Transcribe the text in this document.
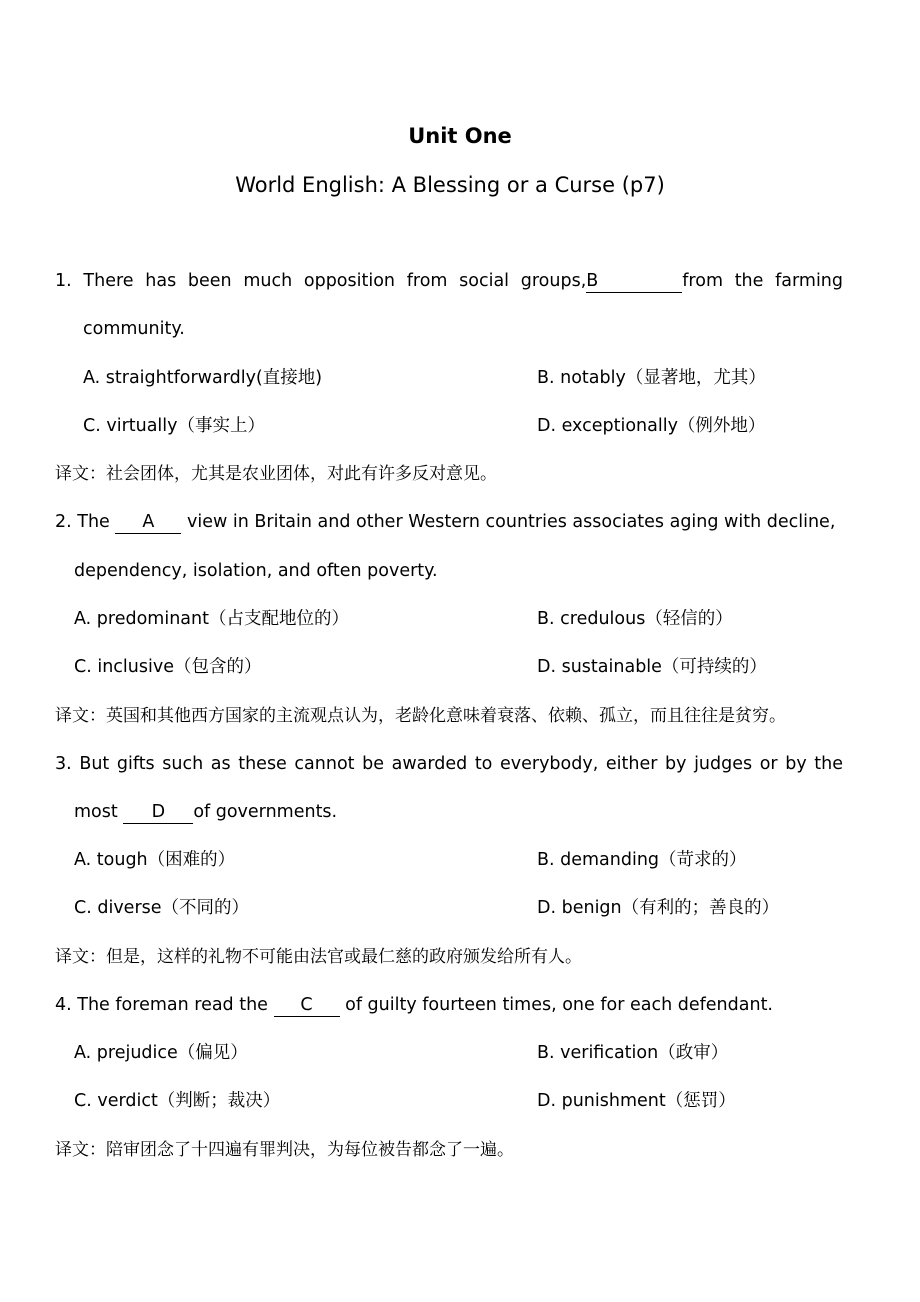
Unit One
World English: A Blessing or a Curse (p7)
1. There has been much opposition from social groups,B	from the farming
community.
A. straightforwardly(直接地)	B. notably（显著地，尤其）
C. virtually（事实上）	D. exceptionally（例外地）
译文：社会团体，尤其是农业团体，对此有许多反对意见。
2. The A view in Britain and other Western countries associates aging with decline,
dependency, isolation, and often poverty.
A. predominant（占支配地位的）	B. credulous（轻信的）
C. inclusive（包含的）	D. sustainable（可持续的）
译文：英国和其他西方国家的主流观点认为，老龄化意味着衰落、依赖、孤立，而且往往是贫穷。
3. But gifts such as these cannot be awarded to everybody, either by judges or by the
most D of governments.
A. tough（困难的）	B. demanding（苛求的）
C. diverse（不同的）	D. benign（有利的；善良的）
译文：但是，这样的礼物不可能由法官或最仁慈的政府颁发给所有人。
4. The foreman read the C of guilty fourteen times, one for each defendant.
A. prejudice（偏见）	B. verification（政审）
C. verdict（判断；裁决）	D. punishment（惩罚）
译文：陪审团念了十四遍有罪判决，为每位被告都念了一遍。
